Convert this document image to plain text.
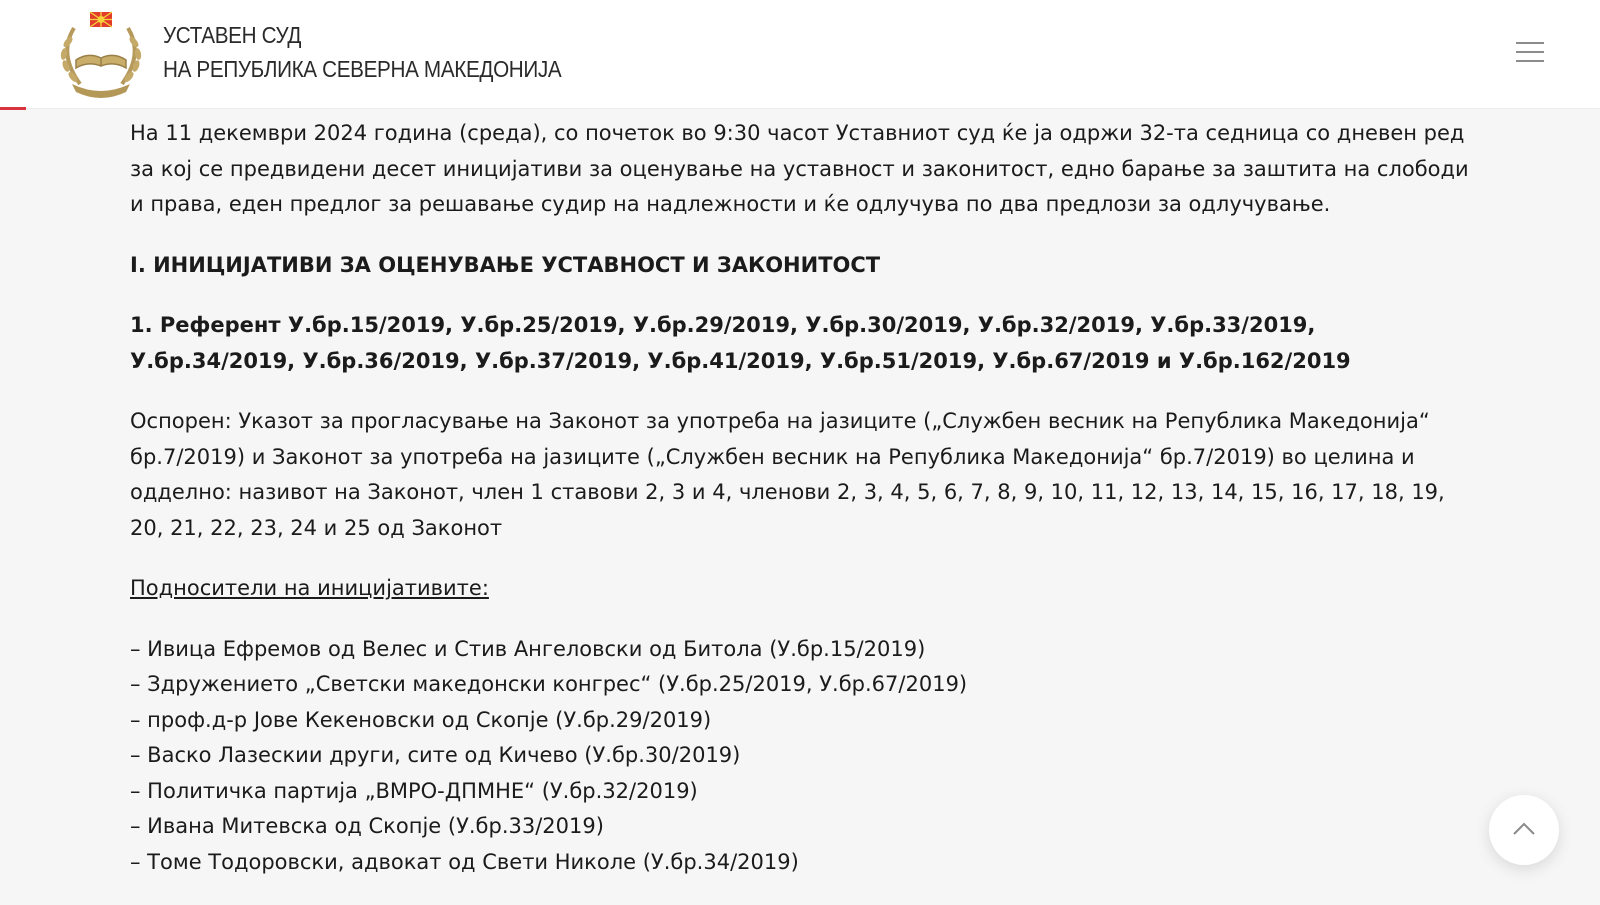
УСТАВЕН СУД
НА РЕПУБЛИКА СЕВЕРНА МАКЕДОНИЈА

На 11 декември 2024 година (среда), со почеток во 9:30 часот Уставниот суд ќе ја одржи 32-та седница со дневен ред за кој се предвидени десет иницијативи за оценување на уставност и законитост, едно барање за заштита на слободи и права, еден предлог за решавање судир на надлежности и ќе одлучува по два предлози за одлучување.

I. ИНИЦИЈАТИВИ ЗА ОЦЕНУВАЊЕ УСТАВНОСТ И ЗАКОНИТОСТ

1. Референт У.бр.15/2019, У.бр.25/2019, У.бр.29/2019, У.бр.30/2019, У.бр.32/2019, У.бр.33/2019, У.бр.34/2019, У.бр.36/2019, У.бр.37/2019, У.бр.41/2019, У.бр.51/2019, У.бр.67/2019 и У.бр.162/2019

Оспорен: Указот за прогласување на Законот за употреба на јазиците („Службен весник на Република Македонија“ бр.7/2019) и Законот за употреба на јазиците („Службен весник на Република Македонија“ бр.7/2019) во целина и одделно: називот на Законот, член 1 ставови 2, 3 и 4, членови 2, 3, 4, 5, 6, 7, 8, 9, 10, 11, 12, 13, 14, 15, 16, 17, 18, 19, 20, 21, 22, 23, 24 и 25 од Законот

Подносители на иницијативите:

– Ивица Ефремов од Велес и Стив Ангеловски од Битола (У.бр.15/2019)
– Здружението „Светски македонски конгрес“ (У.бр.25/2019, У.бр.67/2019)
– проф.д-р Јове Кекеновски од Скопје (У.бр.29/2019)
– Васко Лазескии други, сите од Кичево (У.бр.30/2019)
– Политичка партија „ВМРО-ДПМНЕ“ (У.бр.32/2019)
– Ивана Митевска од Скопје (У.бр.33/2019)
– Томе Тодоровски, адвокат од Свети Николе (У.бр.34/2019)
